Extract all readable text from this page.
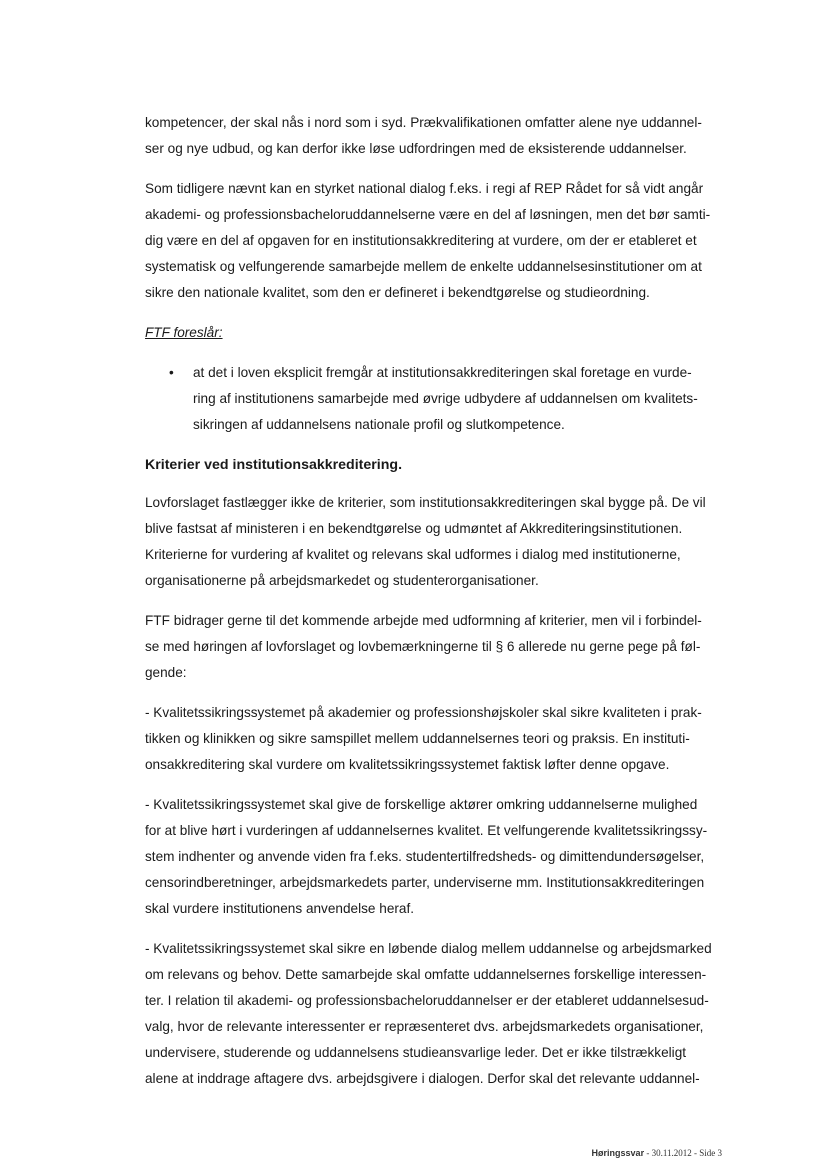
kompetencer, der skal nås i nord som i syd. Prækvalifikationen omfatter alene nye uddannel-
ser og nye udbud, og kan derfor ikke løse udfordringen med de eksisterende uddannelser.
Som tidligere nævnt kan en styrket national dialog f.eks. i regi af REP Rådet for så vidt angår
akademi- og professionsbacheloruddannelserne være en del af løsningen, men det bør samti-
dig være en del af opgaven for en institutionsakkreditering at vurdere, om der er etableret et
systematisk og velfungerende samarbejde mellem de enkelte uddannelsesinstitutioner om at
sikre den nationale kvalitet, som den er defineret i bekendtgørelse og studieordning.
FTF foreslår:
• at det i loven eksplicit fremgår at institutionsakkrediteringen skal foretage en vurde-
ring af institutionens samarbejde med øvrige udbydere af uddannelsen om kvalitets-
sikringen af uddannelsens nationale profil og slutkompetence.
Kriterier ved institutionsakkreditering.
Lovforslaget fastlægger ikke de kriterier, som institutionsakkrediteringen skal bygge på. De vil
blive fastsat af ministeren i en bekendtgørelse og udmøntet af Akkrediteringsinstitutionen.
Kriterierne for vurdering af kvalitet og relevans skal udformes i dialog med institutionerne,
organisationerne på arbejdsmarkedet og studenterorganisationer.
FTF bidrager gerne til det kommende arbejde med udformning af kriterier, men vil i forbindel-
se med høringen af lovforslaget og lovbemærkningerne til § 6 allerede nu gerne pege på føl-
gende:
- Kvalitetssikringssystemet på akademier og professionshøjskoler skal sikre kvaliteten i prak-
tikken og klinikken og sikre samspillet mellem uddannelsernes teori og praksis. En instituti-
onsakkreditering skal vurdere om kvalitetssikringssystemet faktisk løfter denne opgave.
- Kvalitetssikringssystemet skal give de forskellige aktører omkring uddannelserne mulighed
for at blive hørt i vurderingen af uddannelsernes kvalitet. Et velfungerende kvalitetssikringssy-
stem indhenter og anvende viden fra f.eks. studentertilfredsheds- og dimittendundersøgelser,
censorindberetninger, arbejdsmarkedets parter, underviserne mm. Institutionsakkrediteringen
skal vurdere institutionens anvendelse heraf.
- Kvalitetssikringssystemet skal sikre en løbende dialog mellem uddannelse og arbejdsmarked
om relevans og behov. Dette samarbejde skal omfatte uddannelsernes forskellige interessen-
ter. I relation til akademi- og professionsbacheloruddannelser er der etableret uddannelsesud-
valg, hvor de relevante interessenter er repræsenteret dvs. arbejdsmarkedets organisationer,
undervisere, studerende og uddannelsens studieansvarlige leder. Det er ikke tilstrækkeligt
alene at inddrage aftagere dvs. arbejdsgivere i dialogen. Derfor skal det relevante uddannel-
Høringssvar - 30.11.2012 - Side 3
